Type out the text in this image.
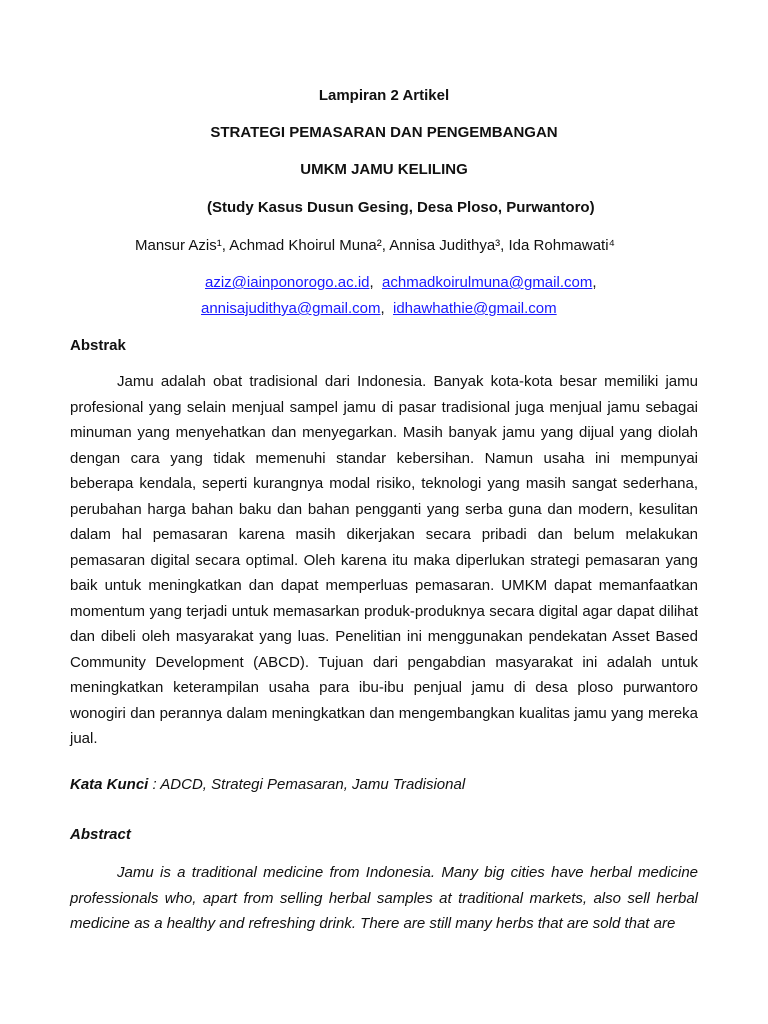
Lampiran 2 Artikel
STRATEGI PEMASARAN DAN PENGEMBANGAN
UMKM JAMU KELILING
(Study Kasus Dusun Gesing, Desa Ploso, Purwantoro)
Mansur Azis¹, Achmad Khoirul Muna², Annisa Judithya³, Ida Rohmawati⁴
aziz@iainponorogo.ac.id, achmadkoirulmuna@gmail.com,
annisajudithya@gmail.com, idhawhathie@gmail.com
Abstrak

Jamu adalah obat tradisional dari Indonesia. Banyak kota-kota besar memiliki jamu profesional yang selain menjual sampel jamu di pasar tradisional juga menjual jamu sebagai minuman yang menyehatkan dan menyegarkan. Masih banyak jamu yang dijual yang diolah dengan cara yang tidak memenuhi standar kebersihan. Namun usaha ini mempunyai beberapa kendala, seperti kurangnya modal risiko, teknologi yang masih sangat sederhana, perubahan harga bahan baku dan bahan pengganti yang serba guna dan modern, kesulitan dalam hal pemasaran karena masih dikerjakan secara pribadi dan belum melakukan pemasaran digital secara optimal. Oleh karena itu maka diperlukan strategi pemasaran yang baik untuk meningkatkan dan dapat memperluas pemasaran. UMKM dapat memanfaatkan momentum yang terjadi untuk memasarkan produk-produknya secara digital agar dapat dilihat dan dibeli oleh masyarakat yang luas. Penelitian ini menggunakan pendekatan Asset Based Community Development (ABCD). Tujuan dari pengabdian masyarakat ini adalah untuk meningkatkan keterampilan usaha para ibu-ibu penjual jamu di desa ploso purwantoro wonogiri dan perannya dalam meningkatkan dan mengembangkan kualitas jamu yang mereka jual.

Kata Kunci : ADCD, Strategi Pemasaran, Jamu Tradisional
Abstract

Jamu is a traditional medicine from Indonesia. Many big cities have herbal medicine professionals who, apart from selling herbal samples at traditional markets, also sell herbal medicine as a healthy and refreshing drink. There are still many herbs that are sold that are
